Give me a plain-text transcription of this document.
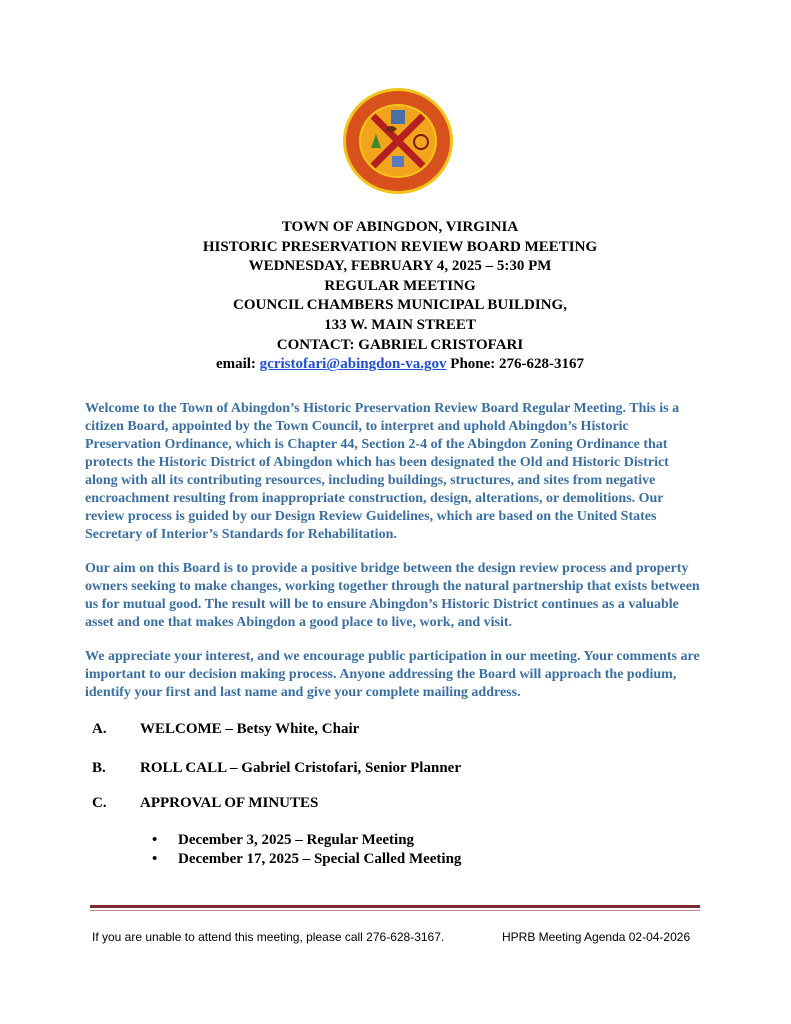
TOWN OF ABINGDON, VIRGINIA
HISTORIC PRESERVATION REVIEW BOARD MEETING
WEDNESDAY, FEBRUARY 4, 2025 – 5:30 PM
REGULAR MEETING
COUNCIL CHAMBERS MUNICIPAL BUILDING,
133 W. MAIN STREET
CONTACT: GABRIEL CRISTOFARI
email: gcristofari@abingdon-va.gov Phone: 276-628-3167

Welcome to the Town of Abingdon’s Historic Preservation Review Board Regular Meeting. This is a citizen Board, appointed by the Town Council, to interpret and uphold Abingdon’s Historic Preservation Ordinance, which is Chapter 44, Section 2-4 of the Abingdon Zoning Ordinance that protects the Historic District of Abingdon which has been designated the Old and Historic District along with all its contributing resources, including buildings, structures, and sites from negative encroachment resulting from inappropriate construction, design, alterations, or demolitions. Our review process is guided by our Design Review Guidelines, which are based on the United States Secretary of Interior’s Standards for Rehabilitation.

Our aim on this Board is to provide a positive bridge between the design review process and property owners seeking to make changes, working together through the natural partnership that exists between us for mutual good. The result will be to ensure Abingdon’s Historic District continues as a valuable asset and one that makes Abingdon a good place to live, work, and visit.

We appreciate your interest, and we encourage public participation in our meeting. Your comments are important to our decision making process. Anyone addressing the Board will approach the podium, identify your first and last name and give your complete mailing address.

A. WELCOME – Betsy White, Chair
B. ROLL CALL – Gabriel Cristofari, Senior Planner
C. APPROVAL OF MINUTES
• December 3, 2025 – Regular Meeting
• December 17, 2025 – Special Called Meeting
If you are unable to attend this meeting, please call 276-628-3167.	HPRB Meeting Agenda 02-04-2026
